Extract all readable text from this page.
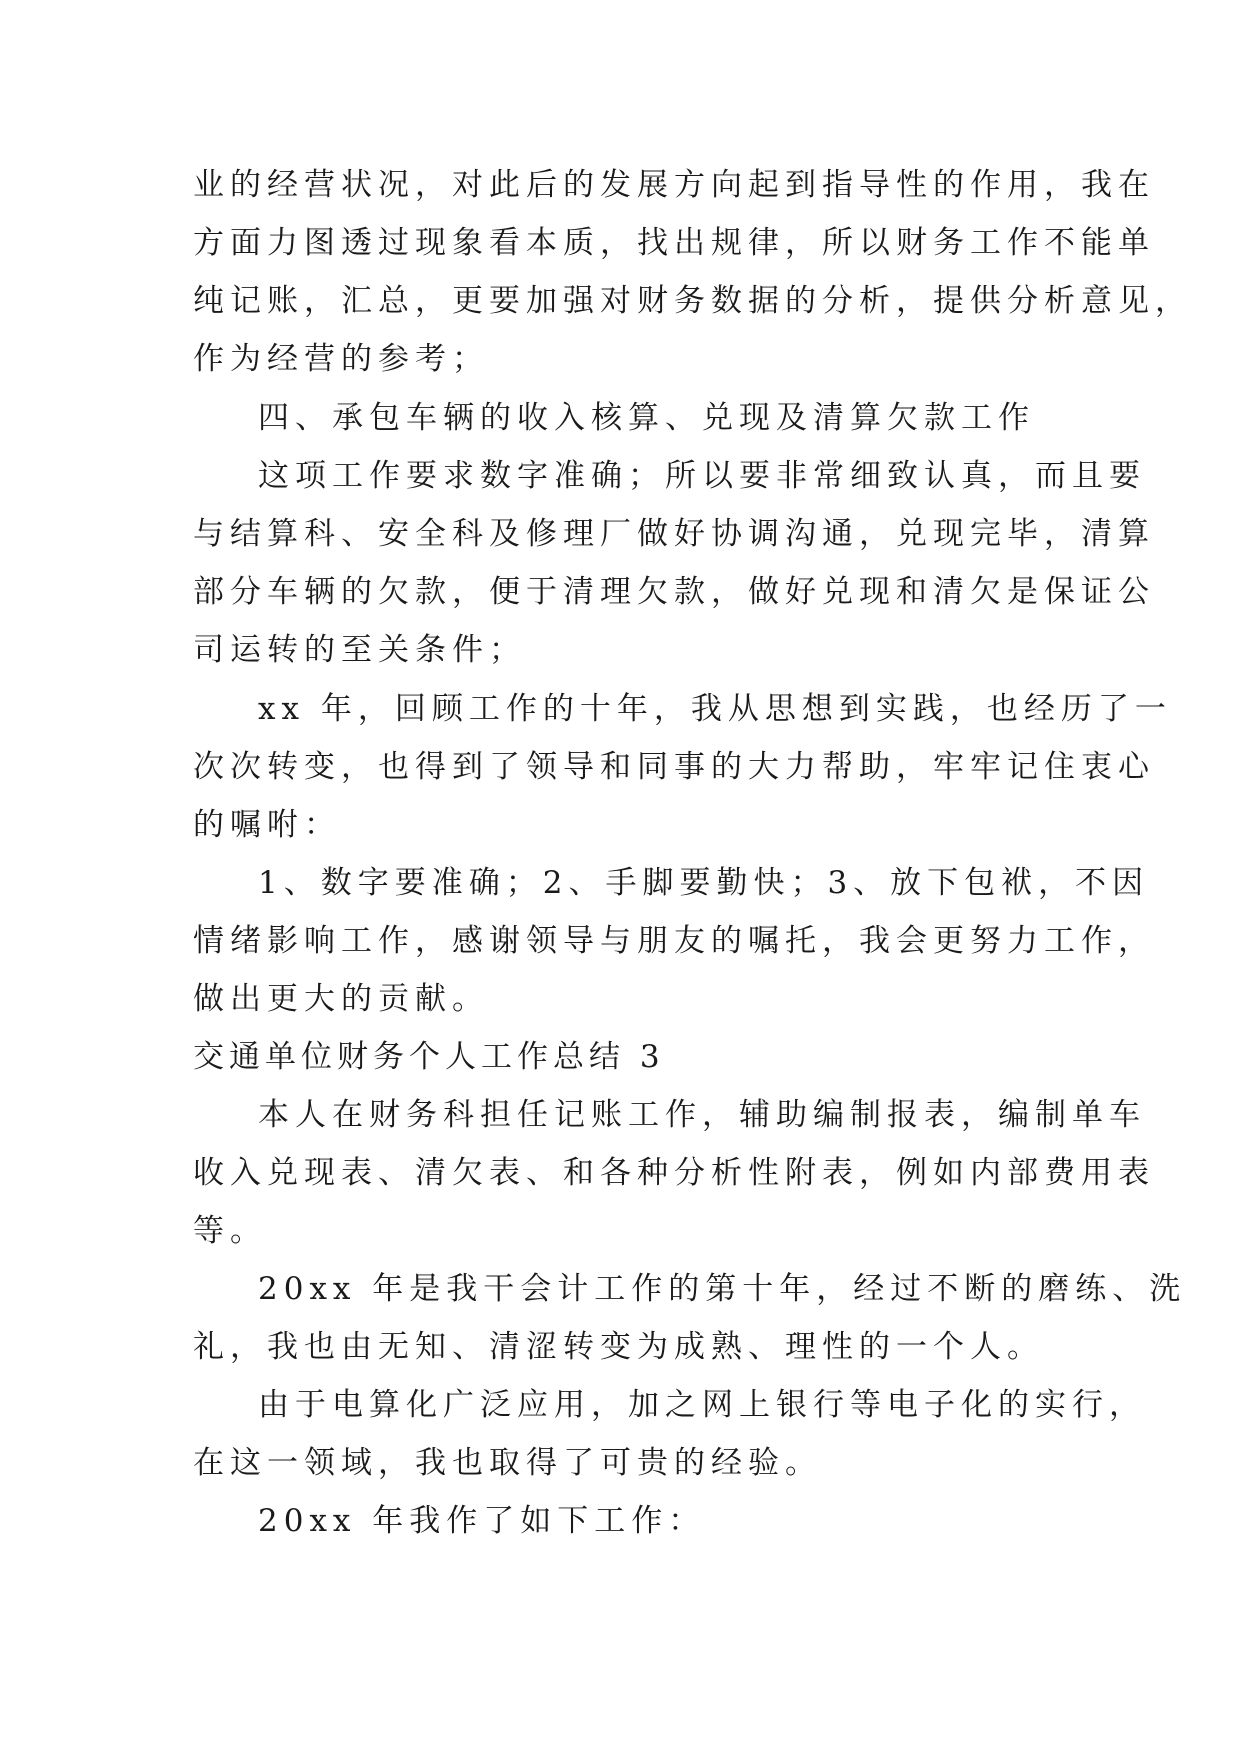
业的经营状况，对此后的发展方向起到指导性的作用，我在
方面力图透过现象看本质，找出规律，所以财务工作不能单
纯记账，汇总，更要加强对财务数据的分析，提供分析意见，
作为经营的参考；
四、承包车辆的收入核算、兑现及清算欠款工作
这项工作要求数字准确；所以要非常细致认真，而且要
与结算科、安全科及修理厂做好协调沟通，兑现完毕，清算
部分车辆的欠款，便于清理欠款，做好兑现和清欠是保证公
司运转的至关条件；
xx 年，回顾工作的十年，我从思想到实践，也经历了一
次次转变，也得到了领导和同事的大力帮助，牢牢记住衷心
的嘱咐：
1、数字要准确；2、手脚要勤快；3、放下包袱，不因
情绪影响工作，感谢领导与朋友的嘱托，我会更努力工作，
做出更大的贡献。
交通单位财务个人工作总结 3
本人在财务科担任记账工作，辅助编制报表，编制单车
收入兑现表、清欠表、和各种分析性附表，例如内部费用表
等。
20xx 年是我干会计工作的第十年，经过不断的磨练、洗
礼，我也由无知、清涩转变为成熟、理性的一个人。
由于电算化广泛应用，加之网上银行等电子化的实行，
在这一领域，我也取得了可贵的经验。
20xx 年我作了如下工作：
